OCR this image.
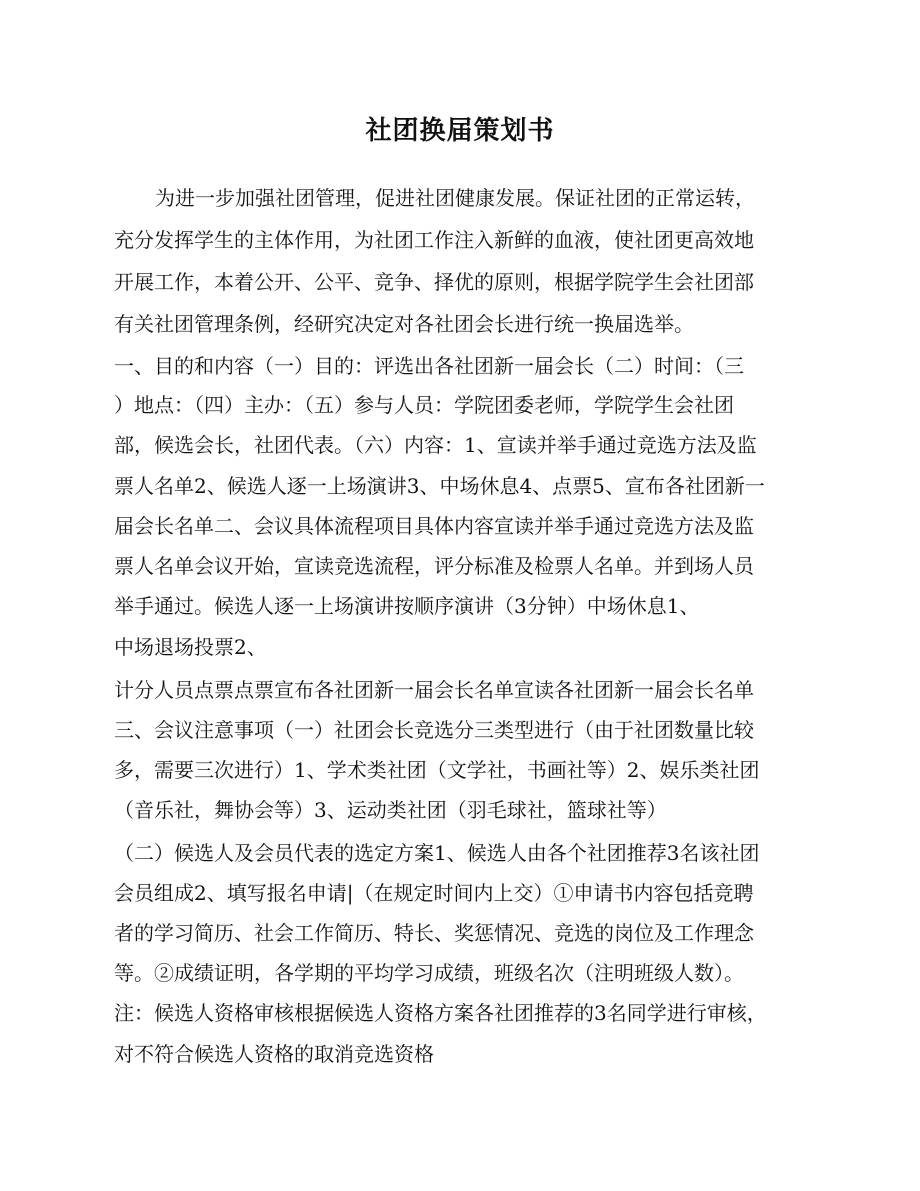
社团换届策划书
为进一步加强社团管理，促进社团健康发展。保证社团的正常运转，
充分发挥学生的主体作用，为社团工作注入新鲜的血液，使社团更高效地
开展工作，本着公开、公平、竞争、择优的原则，根据学院学生会社团部
有关社团管理条例，经研究决定对各社团会长进行统一换届选举。
一、目的和内容（一）目的：评选出各社团新一届会长（二）时间：（三
）地点：（四）主办：（五）参与人员：学院团委老师，学院学生会社团
部，候选会长，社团代表。（六）内容：1、宣读并举手通过竞选方法及监
票人名单2、候选人逐一上场演讲3、中场休息4、点票5、宣布各社团新一
届会长名单二、会议具体流程项目具体内容宣读并举手通过竞选方法及监
票人名单会议开始，宣读竞选流程，评分标准及检票人名单。并到场人员
举手通过。候选人逐一上场演讲按顺序演讲（3分钟）中场休息1、
中场退场投票2、
计分人员点票点票宣布各社团新一届会长名单宣读各社团新一届会长名单
三、会议注意事项（一）社团会长竞选分三类型进行（由于社团数量比较
多，需要三次进行）1、学术类社团（文学社，书画社等）2、娱乐类社团
（音乐社，舞协会等）3、运动类社团（羽毛球社，篮球社等）
（二）候选人及会员代表的选定方案1、候选人由各个社团推荐3名该社团
会员组成2、填写报名申请|（在规定时间内上交）①申请书内容包括竞聘
者的学习简历、社会工作简历、特长、奖惩情况、竞选的岗位及工作理念
等。②成绩证明，各学期的平均学习成绩，班级名次（注明班级人数）。
注：候选人资格审核根据候选人资格方案各社团推荐的3名同学进行审核，
对不符合候选人资格的取消竞选资格
